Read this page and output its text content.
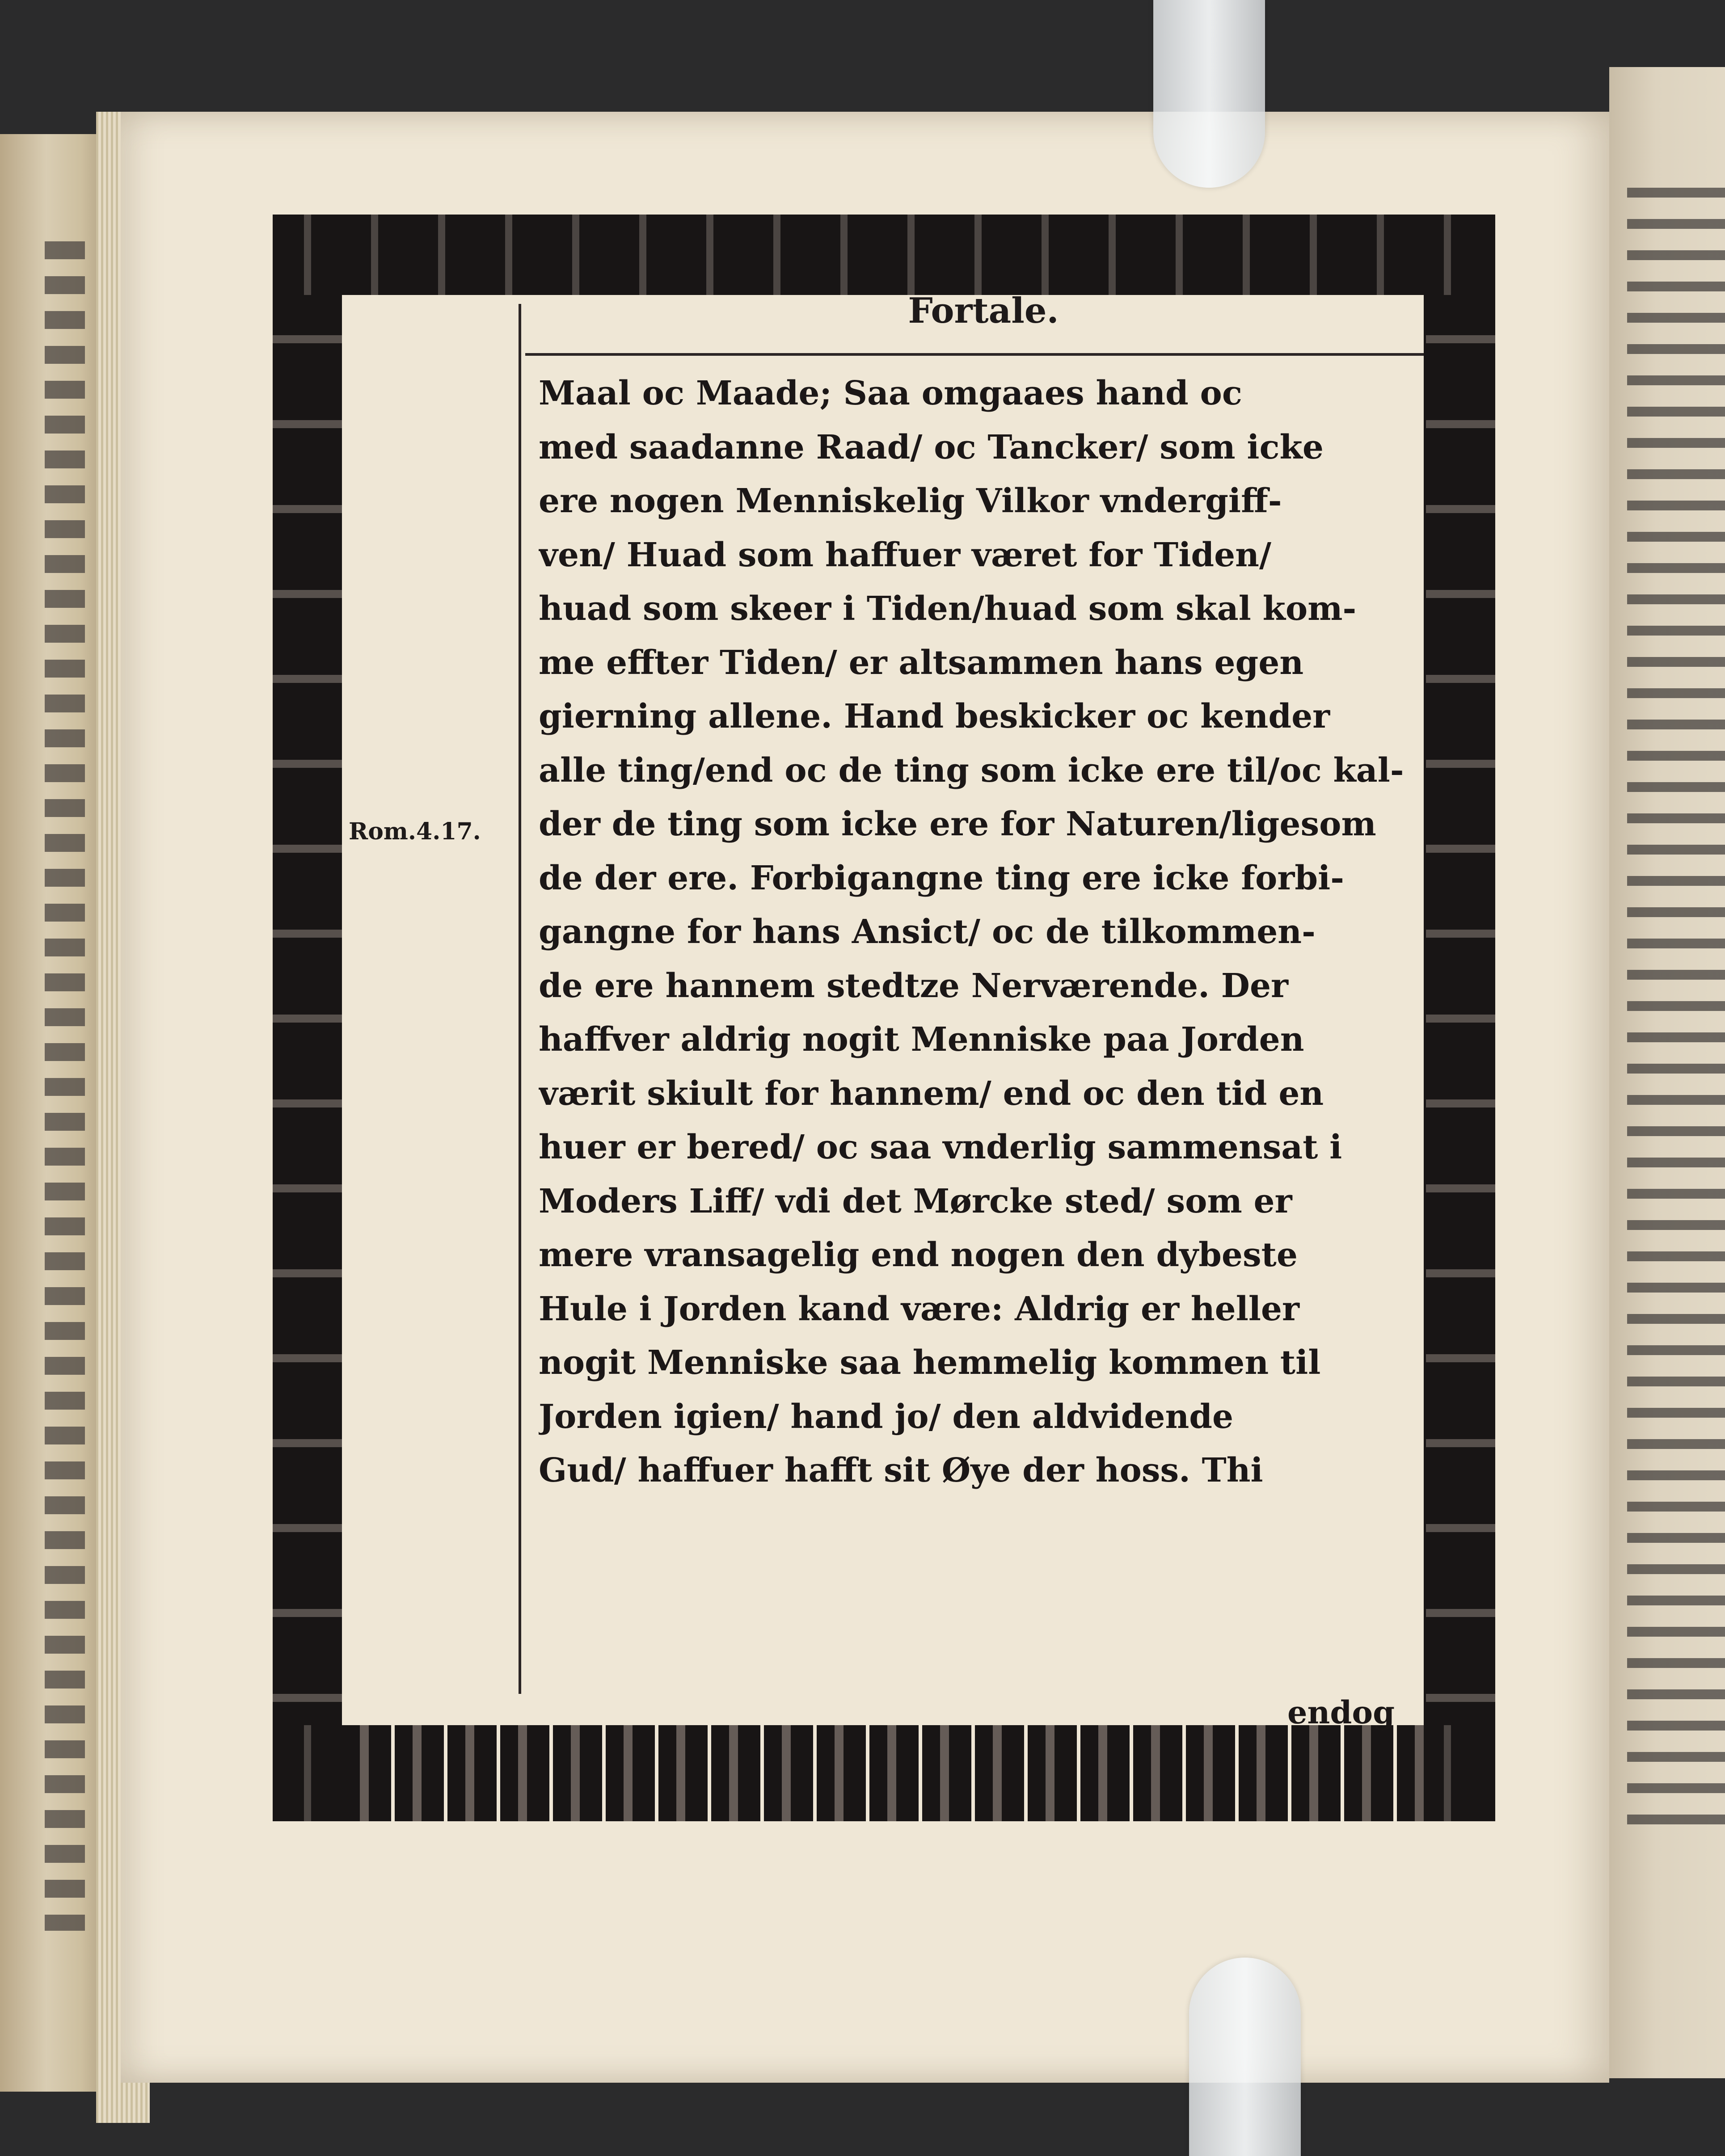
Fortale.
Rom.4.17.
Maal oc Maade; Saa omgaaes hand oc
med saadanne Raad/ oc Tancker/ som icke
ere nogen Menniskelig Vilkor vndergiff-
ven/ Huad som haffuer været for Tiden/
huad som skeer i Tiden/huad som skal kom-
me effter Tiden/ er altsammen hans egen
gierning allene. Hand beskicker oc kender
alle ting/end oc de ting som icke ere til/oc kal-
der de ting som icke ere for Naturen/ligesom
de der ere. Forbigangne ting ere icke forbi-
gangne for hans Ansict/ oc de tilkommen-
de ere hannem stedtze Nerværende. Der
haffver aldrig nogit Menniske paa Jorden
værit skiult for hannem/ end oc den tid en
huer er bered/ oc saa vnderlig sammensat i
Moders Liff/ vdi det Mørcke sted/ som er
mere vransagelig end nogen den dybeste
Hule i Jorden kand være: Aldrig er heller
nogit Menniske saa hemmelig kommen til
Jorden igien/ hand jo/ den aldvidende
Gud/ haffuer hafft sit Øye der hoss. Thi
endog
